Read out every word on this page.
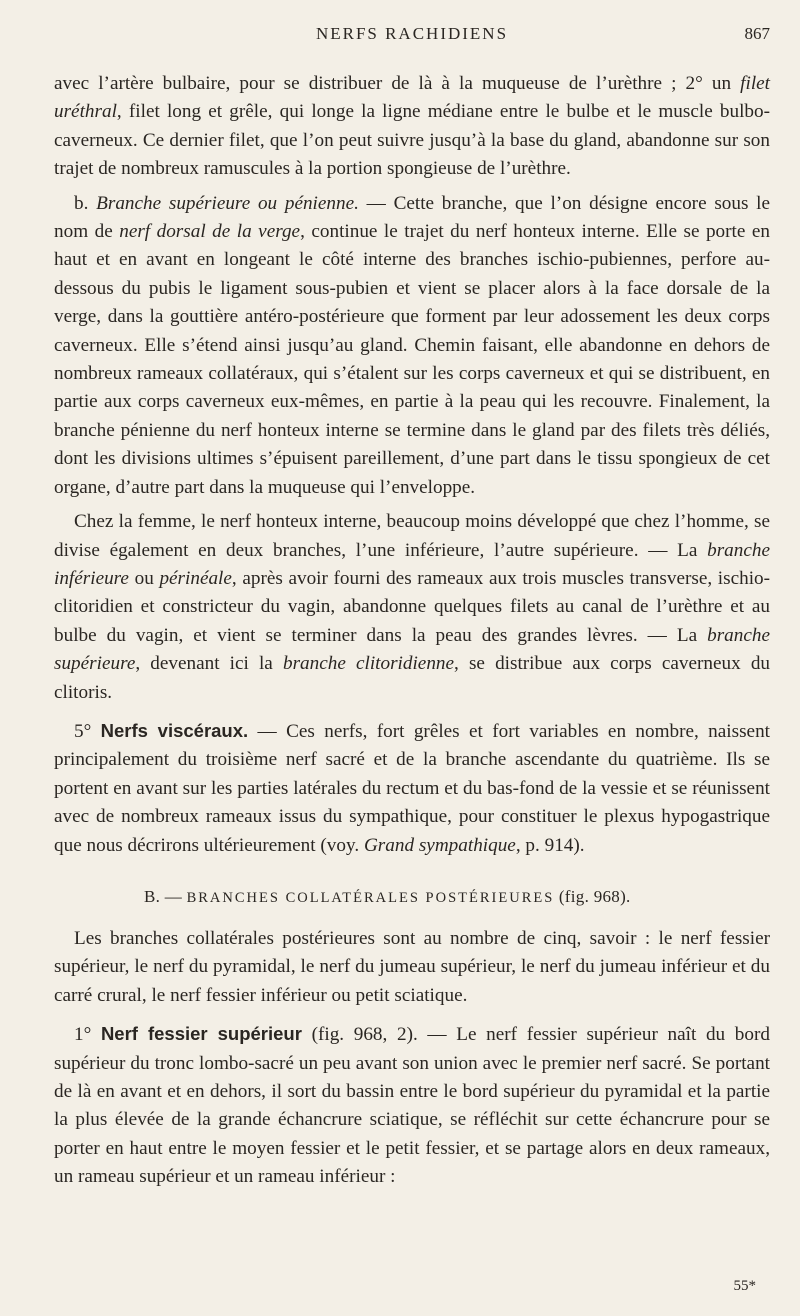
NERFS RACHIDIENS	867

avec l’artère bulbaire, pour se distribuer de là à la muqueuse de l’urèthre ; 2° un filet uréthral, filet long et grêle, qui longe la ligne médiane entre le bulbe et le muscle bulbo-caverneux. Ce dernier filet, que l’on peut suivre jusqu’à la base du gland, abandonne sur son trajet de nombreux ramuscules à la portion spongieuse de l’urèthre.

b. Branche supérieure ou pénienne. — Cette branche, que l’on désigne encore sous le nom de nerf dorsal de la verge, continue le trajet du nerf honteux interne. Elle se porte en haut et en avant en longeant le côté interne des branches ischio-pubiennes, perfore au-dessous du pubis le ligament sous-pubien et vient se placer alors à la face dorsale de la verge, dans la gouttière antéro-postérieure que forment par leur adossement les deux corps caverneux. Elle s’étend ainsi jusqu’au gland. Chemin faisant, elle abandonne en dehors de nombreux rameaux collatéraux, qui s’étalent sur les corps caverneux et qui se distribuent, en partie aux corps caverneux eux-mêmes, en partie à la peau qui les recouvre. Finalement, la branche pénienne du nerf honteux interne se termine dans le gland par des filets très déliés, dont les divisions ultimes s’épuisent pareillement, d’une part dans le tissu spongieux de cet organe, d’autre part dans la muqueuse qui l’enveloppe.

Chez la femme, le nerf honteux interne, beaucoup moins développé que chez l’homme, se divise également en deux branches, l’une inférieure, l’autre supérieure. — La branche inférieure ou périnéale, après avoir fourni des rameaux aux trois muscles transverse, ischio-clitoridien et constricteur du vagin, abandonne quelques filets au canal de l’urèthre et au bulbe du vagin, et vient se terminer dans la peau des grandes lèvres. — La branche supérieure, devenant ici la branche clitoridienne, se distribue aux corps caverneux du clitoris.

5° Nerfs viscéraux. — Ces nerfs, fort grêles et fort variables en nombre, naissent principalement du troisième nerf sacré et de la branche ascendante du quatrième. Ils se portent en avant sur les parties latérales du rectum et du bas-fond de la vessie et se réunissent avec de nombreux rameaux issus du sympathique, pour constituer le plexus hypogastrique que nous décrirons ultérieurement (voy. Grand sympathique, p. 914).

B. — BRANCHES COLLATÉRALES POSTÉRIEURES (fig. 968).

Les branches collatérales postérieures sont au nombre de cinq, savoir : le nerf fessier supérieur, le nerf du pyramidal, le nerf du jumeau supérieur, le nerf du jumeau inférieur et du carré crural, le nerf fessier inférieur ou petit sciatique.

1° Nerf fessier supérieur (fig. 968, 2). — Le nerf fessier supérieur naît du bord supérieur du tronc lombo-sacré un peu avant son union avec le premier nerf sacré. Se portant de là en avant et en dehors, il sort du bassin entre le bord supérieur du pyramidal et la partie la plus élevée de la grande échancrure sciatique, se réfléchit sur cette échancrure pour se porter en haut entre le moyen fessier et le petit fessier, et se partage alors en deux rameaux, un rameau supérieur et un rameau inférieur :

55*
